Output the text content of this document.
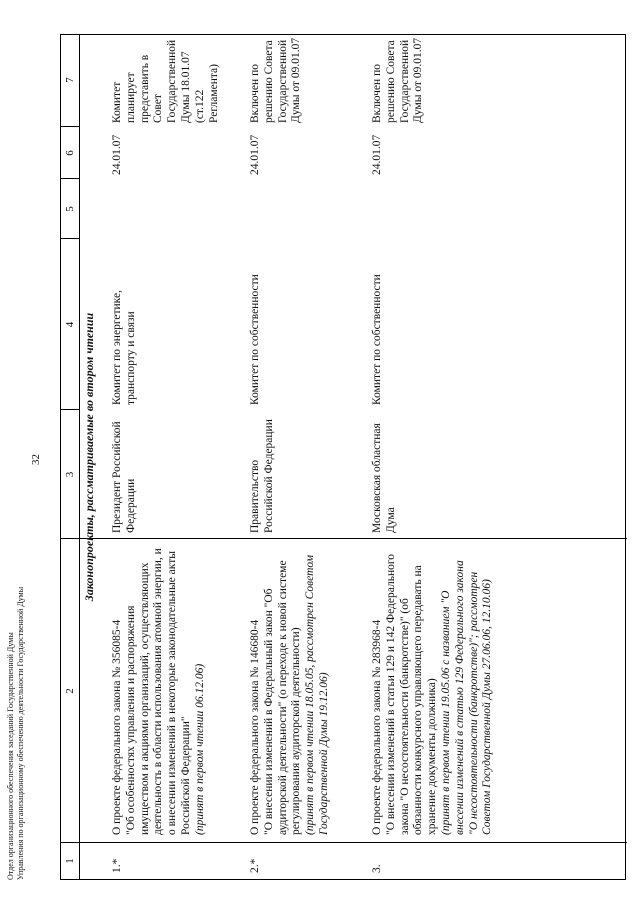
32
1
2
3
4
5
6
7
Законопроекты, рассматриваемые во втором чтении
1.*
О проекте федерального закона № 356085-4 "Об особенностях управления и распоряжения имуществом и акциями организаций, осуществляющих деятельность в области использования атомной энергии, и о внесении изменений в некоторые законодательные акты Российской Федерации" (принят в первом чтении 06.12.06)
Президент Российской Федерации
Комитет по энергетике, транспорту и связи
24.01.07
Комитет планирует представить в Совет Государственной Думы 18.01.07 (ст.122 Регламента)
2.*
О проекте федерального закона № 146680-4 "О внесении изменений в Федеральный закон "Об аудиторской деятельности" (о переходе к новой системе регулирования аудиторской деятельности) (принят в первом чтении 18.05.05, рассмотрен Советом Государственной Думы 19.12.06)
Правительство Российской Федерации
Комитет по собственности
24.01.07
Включен по решению Совета Государственной Думы от 09.01.07
3.
О проекте федерального закона № 283968-4 "О внесении изменений в статьи 129 и 142 Федерального закона "О несостоятельности (банкротстве)" (об обязанности конкурсного управляющего передавать на хранение документы должника) (принят в первом чтении 19.05.06 с названием "О внесении изменений в статью 129 Федерального закона "О несостоятельности (банкротстве)"; рассмотрен Советом Государственной Думы 27.06.06, 12.10.06)
Московская областная Дума
Комитет по собственности
24.01.07
Включен по решению Совета Государственной Думы от 09.01.07
Отдел организационного обеспечения заседаний Государственной Думы Управления по организационному обеспечению деятельности Государственной Думы
